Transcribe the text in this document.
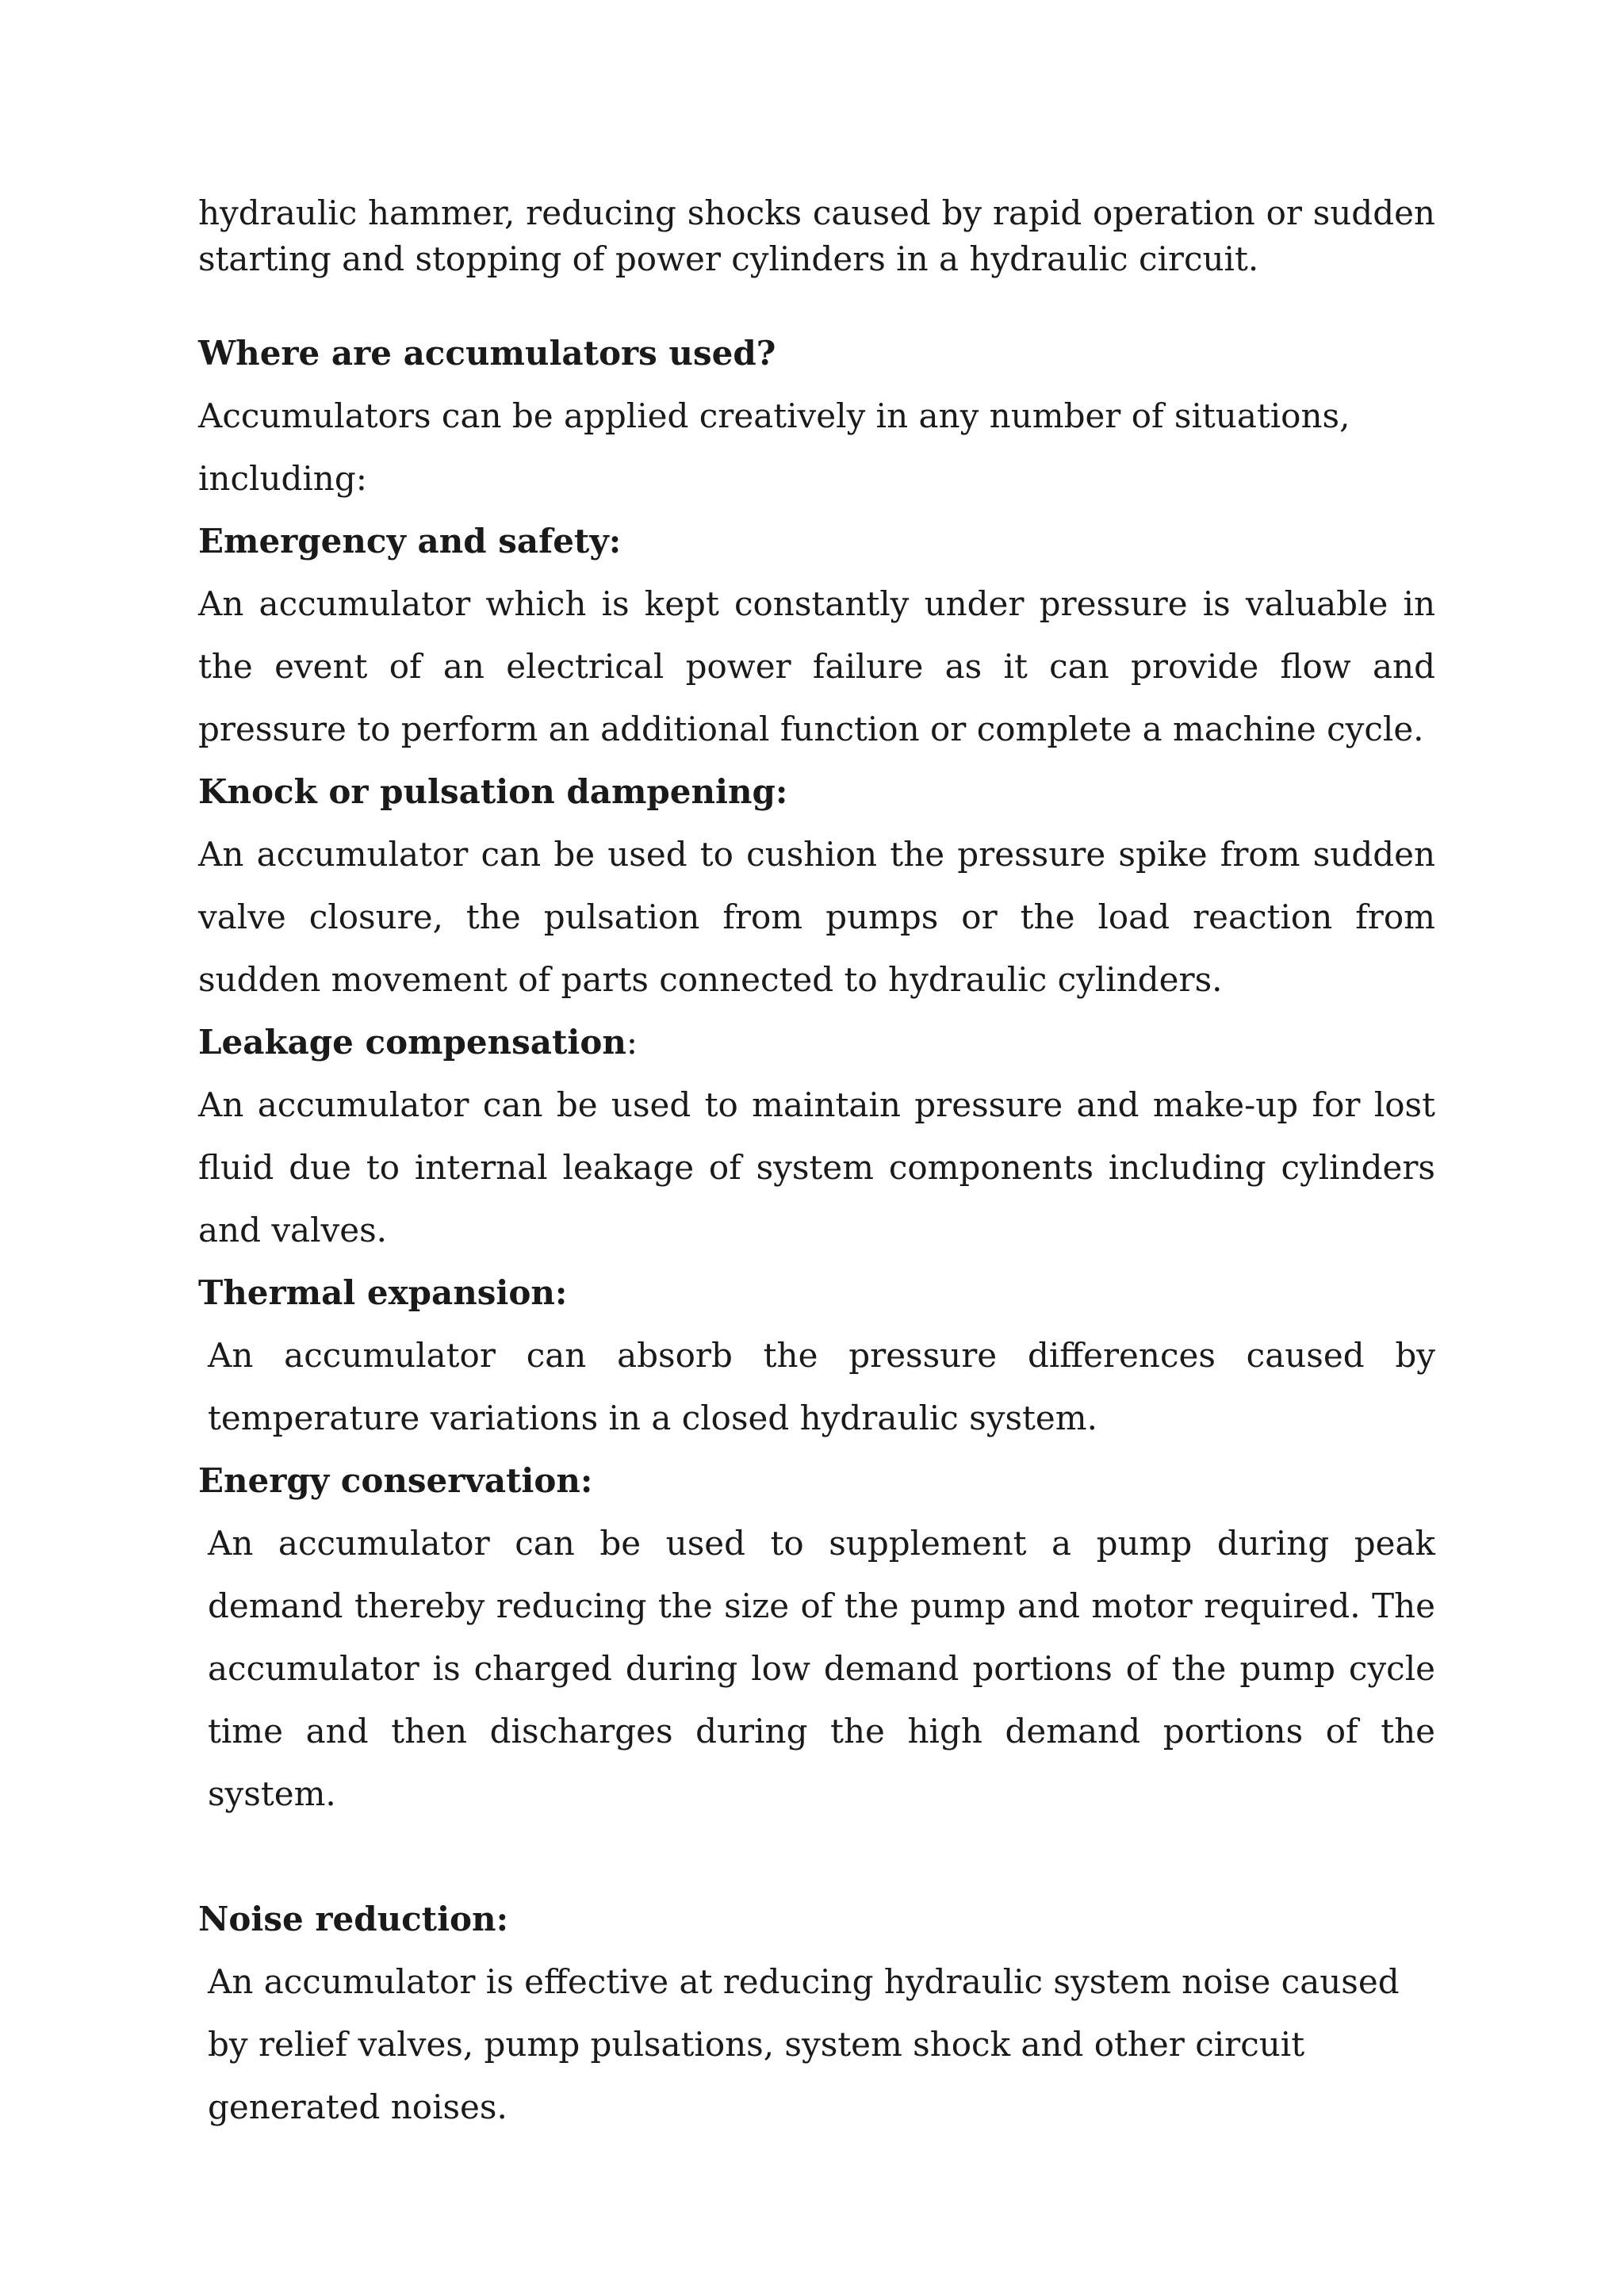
hydraulic hammer, reducing shocks caused by rapid operation or sudden starting and stopping of power cylinders in a hydraulic circuit.

Where are accumulators used?

Accumulators can be applied creatively in any number of situations, including:

Emergency and safety:

An accumulator which is kept constantly under pressure is valuable in the event of an electrical power failure as it can provide flow and pressure to perform an additional function or complete a machine cycle.

Knock or pulsation dampening:

An accumulator can be used to cushion the pressure spike from sudden valve closure, the pulsation from pumps or the load reaction from sudden movement of parts connected to hydraulic cylinders.

Leakage compensation:

An accumulator can be used to maintain pressure and make-up for lost fluid due to internal leakage of system components including cylinders and valves.

Thermal expansion:

An accumulator can absorb the pressure differences caused by temperature variations in a closed hydraulic system.

Energy conservation:

An accumulator can be used to supplement a pump during peak demand thereby reducing the size of the pump and motor required. The accumulator is charged during low demand portions of the pump cycle time and then discharges during the high demand portions of the system.

Noise reduction:

An accumulator is effective at reducing hydraulic system noise caused by relief valves, pump pulsations, system shock and other circuit generated noises.
